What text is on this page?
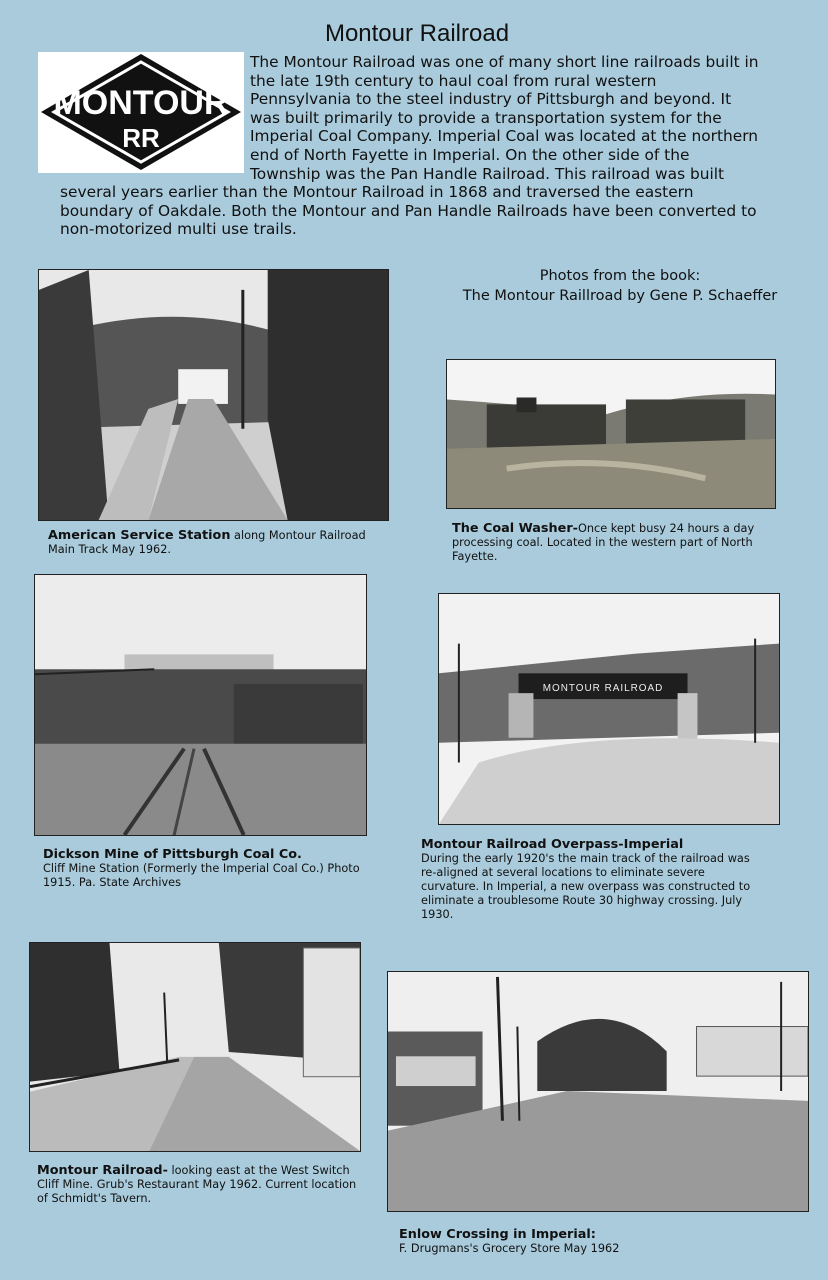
Montour Railroad
MONTOUR
RR
The Montour Railroad was one of many short line railroads built in the late 19th century to haul coal from rural western Pennsylvania to the steel industry of Pittsburgh and beyond. It was built primarily to provide a transportation system for the Imperial Coal Company. Imperial Coal was located at the northern end of North Fayette in Imperial. On the other side of the Township was the Pan Handle Railroad. This railroad was built several years earlier than the Montour Railroad in 1868 and traversed the eastern boundary of Oakdale. Both the Montour and Pan Handle Railroads have been converted to non-motorized multi use trails.
Photos from the book:
The Montour Raillroad by Gene P. Schaeffer
American Service Station along Montour Railroad Main Track May 1962.
The Coal Washer-Once kept busy 24 hours a day processing coal. Located in the western part of North Fayette.
Dickson Mine of Pittsburgh Coal Co.
Cliff Mine Station (Formerly the Imperial Coal Co.) Photo 1915. Pa. State Archives
MONTOUR RAILROAD
Montour Railroad Overpass-Imperial
During the early 1920's the main track of the railroad was re-aligned at several locations to eliminate severe curvature. In Imperial, a new overpass was constructed to eliminate a troublesome Route 30 highway crossing. July 1930.
Montour Railroad- looking east at the West Switch Cliff Mine. Grub's Restaurant May 1962. Current location of Schmidt's Tavern.
Enlow Crossing in Imperial:
F. Drugmans's Grocery Store May 1962
